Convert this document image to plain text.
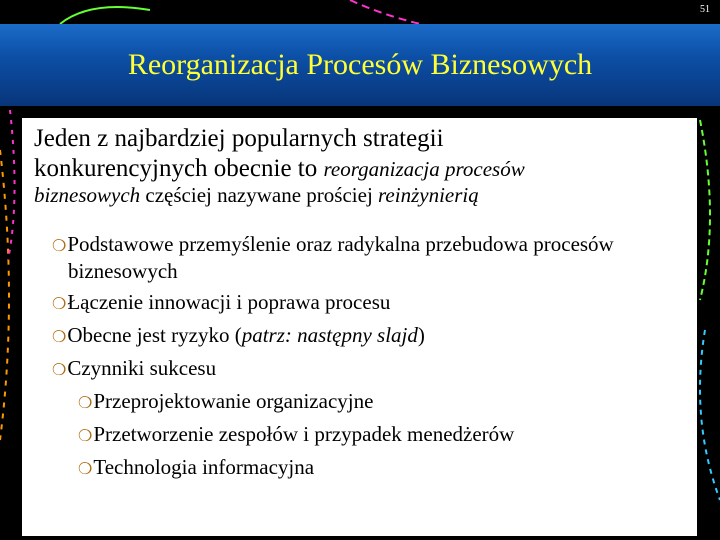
51
Reorganizacja Procesów Biznesowych
Jeden z najbardziej popularnych strategii
konkurencyjnych obecnie to reorganizacja procesów
biznesowych częściej nazywane prościej reinżynierią
❍Podstawowe przemyślenie oraz radykalna przebudowa procesów biznesowych
❍Łączenie innowacji i poprawa procesu
❍Obecne jest ryzyko (patrz: następny slajd)
❍Czynniki sukcesu
❍Przeprojektowanie organizacyjne
❍Przetworzenie zespołów i przypadek menedżerów
❍Technologia informacyjna
